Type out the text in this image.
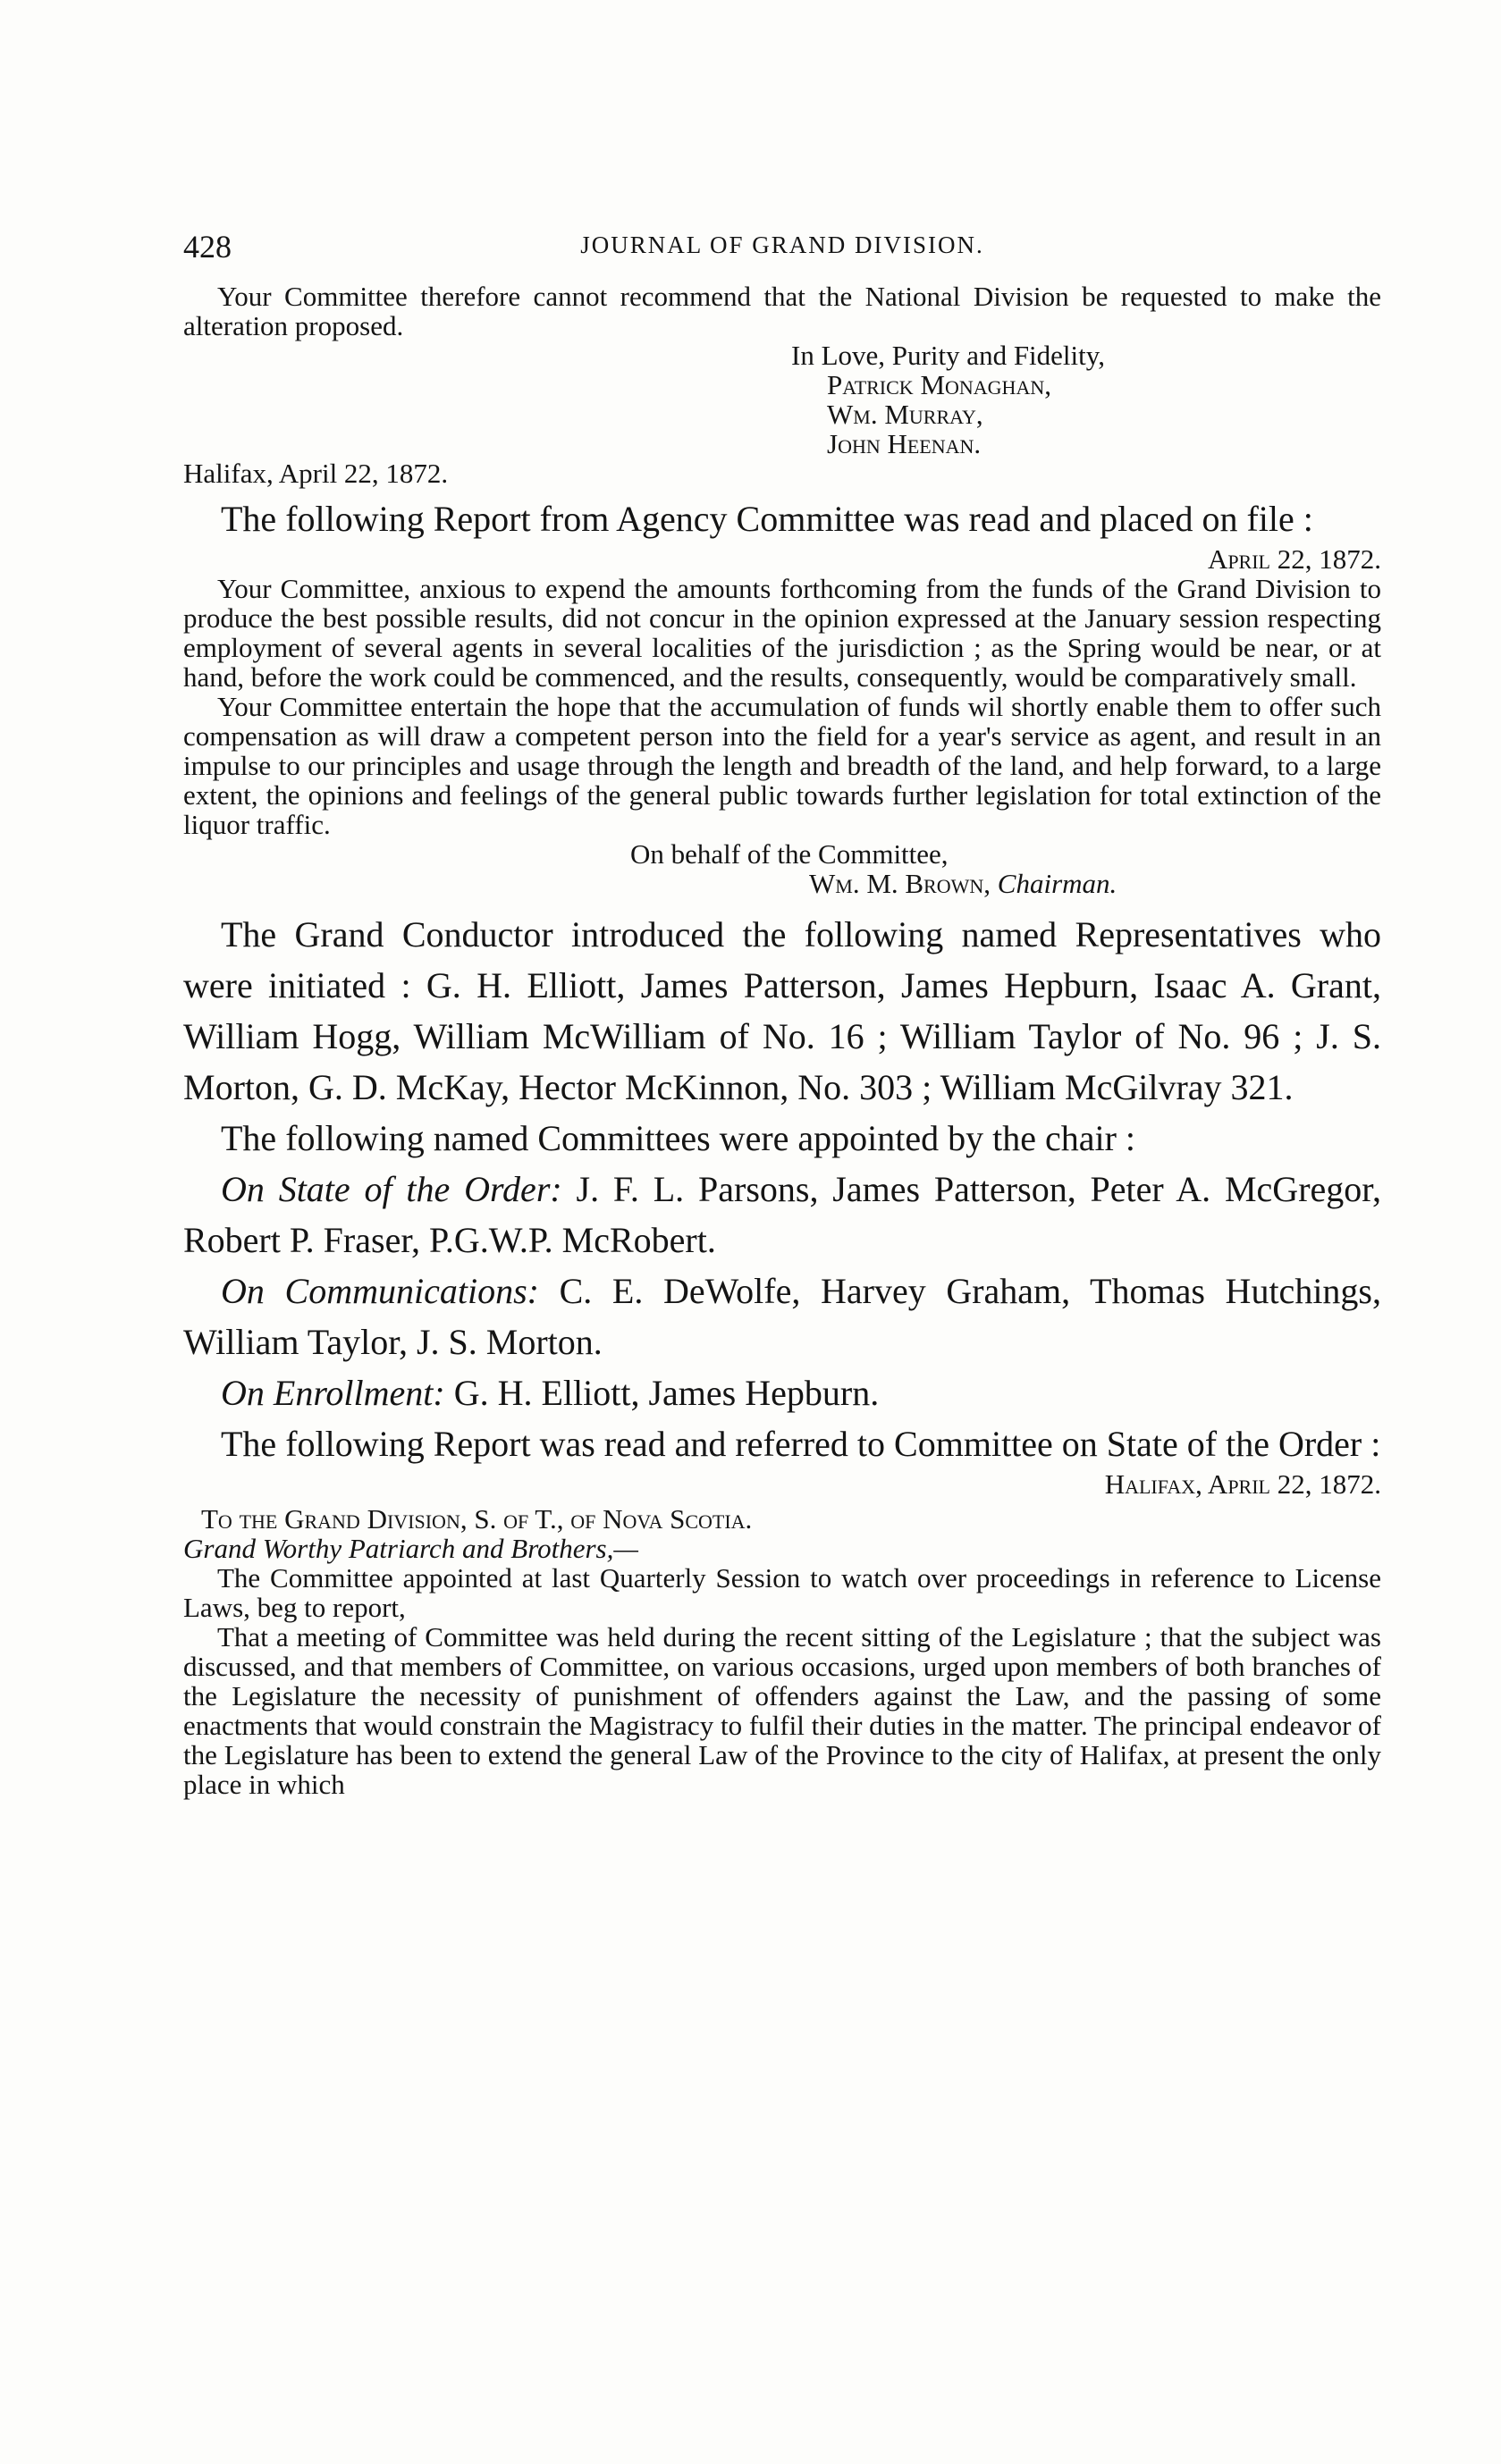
428	JOURNAL OF GRAND DIVISION.

Your Committee therefore cannot recommend that the National Division be requested to make the alteration proposed.

In Love, Purity and Fidelity,
Patrick Monaghan,
Wm. Murray,
John Heenan.
Halifax, April 22, 1872.

The following Report from Agency Committee was read and placed on file :

April 22, 1872.

Your Committee, anxious to expend the amounts forthcoming from the funds of the Grand Division to produce the best possible results, did not concur in the opinion expressed at the January session respecting employment of several agents in several localities of the jurisdiction ; as the Spring would be near, or at hand, before the work could be commenced, and the results, consequently, would be comparatively small.

Your Committee entertain the hope that the accumulation of funds wil shortly enable them to offer such compensation as will draw a competent person into the field for a year's service as agent, and result in an impulse to our principles and usage through the length and breadth of the land, and help forward, to a large extent, the opinions and feelings of the general public towards further legislation for total extinction of the liquor traffic.

On behalf of the Committee,
Wm. M. Brown, Chairman.

The Grand Conductor introduced the following named Representatives who were initiated : G. H. Elliott, James Patterson, James Hepburn, Isaac A. Grant, William Hogg, William McWilliam of No. 16 ; William Taylor of No. 96 ; J. S. Morton, G. D. McKay, Hector McKinnon, No. 303 ; William McGilvray 321.

The following named Committees were appointed by the chair :

On State of the Order: J. F. L. Parsons, James Patterson, Peter A. McGregor, Robert P. Fraser, P.G.W.P. McRobert.

On Communications: C. E. DeWolfe, Harvey Graham, Thomas Hutchings, William Taylor, J. S. Morton.

On Enrollment: G. H. Elliott, James Hepburn.

The following Report was read and referred to Committee on State of the Order :

Halifax, April 22, 1872.
To the Grand Division, S. of T., of Nova Scotia.
Grand Worthy Patriarch and Brothers,—

The Committee appointed at last Quarterly Session to watch over proceedings in reference to License Laws, beg to report,

That a meeting of Committee was held during the recent sitting of the Legislature ; that the subject was discussed, and that members of Committee, on various occasions, urged upon members of both branches of the Legislature the necessity of punishment of offenders against the Law, and the passing of some enactments that would constrain the Magistracy to fulfil their duties in the matter. The principal endeavor of the Legislature has been to extend the general Law of the Province to the city of Halifax, at present the only place in which
